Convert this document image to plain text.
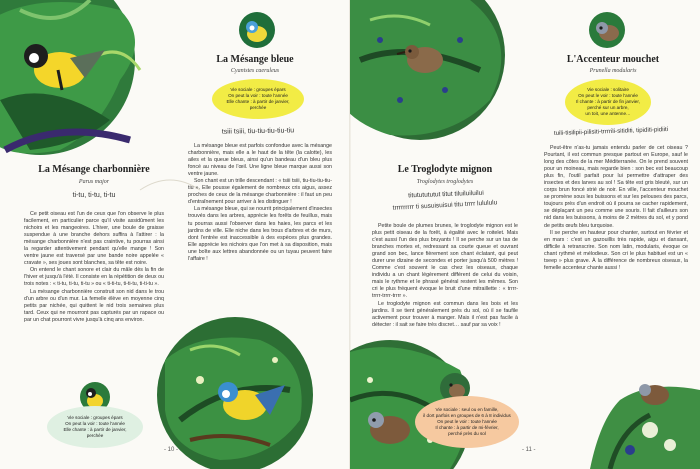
La Mésange bleue
Cyanistes caeruleus
Vie sociale : groupes épars
On peut la voir : toute l'année
Elle chante : à partir de janvier,
perchée
tsiii tsiii, tiu-tiu-tiu-tiu-tiu

La mésange bleue est parfois confondue avec la mésange charbonnière, mais elle a le haut de la tête (la calotte), les ailes et la queue bleus, ainsi qu'un bandeau d'un bleu plus foncé au niveau de l'œil. Une ligne bleue marque aussi son ventre jaune.

Son chant est un trille descendant : « tsiii tsiii, tiu-tiu-tiu-tiu-tiu ». Elle pousse également de nombreux cris aigus, assez proches de ceux de la mésange charbonnière : il faut un peu d'entraînement pour arriver à les distinguer !

La mésange bleue, qui se nourrit principalement d'insectes trouvés dans les arbres, apprécie les forêts de feuillus, mais tu pourras aussi l'observer dans les haies, les parcs et les jardins de ville. Elle niche dans les trous d'arbres et de murs, dont l'entrée est inaccessible à des espèces plus grandes. Elle apprécie les nichoirs que l'on met à sa disposition, mais une boîte aux lettres abandonnée ou un tuyau peuvent faire l'affaire !

La Mésange charbonnière
Parus major
ti-tu, ti-tu, ti-tu

Ce petit oiseau est l'un de ceux que l'on observe le plus facilement, en particulier parce qu'il visite assidûment les nichoirs et les mangeoires. L'hiver, une boule de graisse suspendue à une branche dehors suffira à l'attirer : la mésange charbonnière n'est pas craintive, tu pourras ainsi la regarder attentivement pendant qu'elle mange ! Son ventre jaune est traversé par une bande noire appelée « cravate », ses joues sont blanches, sa tête est noire.

On entend le chant sonore et clair du mâle dès la fin de l'hiver et jusqu'à l'été. Il consiste en la répétition de deux ou trois notes : « ti-tu, ti-tu, ti-tu » ou « ti-ti-tu, ti-ti-tu, ti-ti-tu ».

La mésange charbonnière construit son nid dans le trou d'un arbre ou d'un mur. La femelle élève en moyenne cinq petits par nichée, qui quittent le nid trois semaines plus tard. Ceux qui ne mourront pas capturés par un rapace ou par un chat pourront vivre jusqu'à cinq ans environ.

Vie sociale : groupes épars
On peut la voir : toute l'année
Elle chante : à partir de janvier,
perchée
- 10 -
Le Troglodyte mignon
Troglodytes troglodytes
titututututut titut tiluiluiluilui
trrrrrrrrr ti susuisuisui titu trrrr lulululu

Petite boule de plumes brunes, le troglodyte mignon est le plus petit oiseau de la forêt, à égalité avec le roitelet. Mais c'est aussi l'un des plus bruyants ! Il se perche sur un tas de branches mortes et, redressant sa courte queue et ouvrant grand son bec, lance fièrement son chant éclatant, qui peut durer une dizaine de secondes et porter jusqu'à 500 mètres ! Comme c'est souvent le cas chez les oiseaux, chaque individu a un chant légèrement différent de celui du voisin, mais le rythme et le phrasé général restent les mêmes. Son cri le plus fréquent évoque le bruit d'une mitraillette : « trrrr-trrrr-trrrr-trrrr ».

Le troglodyte mignon est commun dans les bois et les jardins. Il se tient généralement près du sol, où il se faufile activement pour trouver à manger. Mais il n'est pas facile à détecter : il sait se faire très discret… sauf par sa voix !

Vie sociale : seul ou en famille,
il dort parfois en groupes de 6 à 8 individus
On peut le voir : toute l'année
Il chante : à partir de mi-février,
perché près du sol
- 11 -
L'Accenteur mouchet
Prunella modularis
Vie sociale : solitaire
On peut le voir : toute l'année
Il chante : à partir de fin janvier,
perché sur un arbre,
un toit, une antenne…
tuili-tisilipii-pilisiti-trrrrili-sitiditi, tipiditi-pidiiti

Peut-être n'as-tu jamais entendu parler de cet oiseau ? Pourtant, il est commun presque partout en Europe, sauf le long des côtes de la mer Méditerranée. On le prend souvent pour un moineau, mais regarde bien : son bec est beaucoup plus fin, l'outil parfait pour lui permettre d'attraper des insectes et des larves au sol ! Sa tête est gris bleuté, sur un corps brun foncé strié de noir. En ville, l'accenteur mouchet se promène sous les buissons et sur les pelouses des parcs, toujours près d'un endroit où il pourra se cacher rapidement, se déplaçant un peu comme une souris. Il fait d'ailleurs son nid dans les buissons, à moins de 2 mètres du sol, et y pond de petits œufs bleu turquoise.

Il se perche en hauteur pour chanter, surtout en février et en mars : c'est un gazouillis très rapide, aigu et dansant, difficile à retranscrire. Son nom latin, modularis, évoque ce chant rythmé et mélodieux. Son cri le plus habituel est un « tseep » plus grave. À la différence de nombreux oiseaux, la femelle accenteur chante aussi !
